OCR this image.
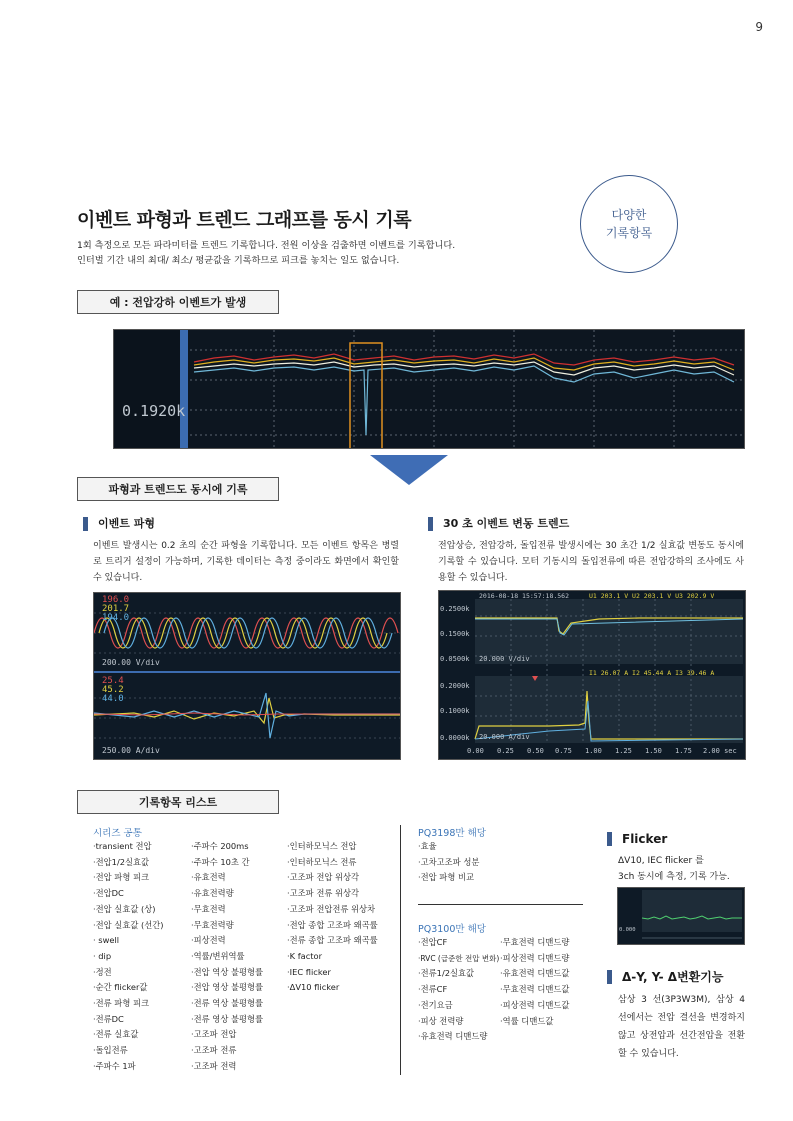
9
이벤트 파형과 트렌드 그래프를 동시 기록
1회 측정으로 모든 파라미터를 트렌드 기록합니다. 전원 이상을 검출하면 이벤트를 기록합니다.
인터벌 기간 내의 최대/ 최소/ 평균값을 기록하므로 피크를 놓치는 일도 없습니다.
다양한
기록항목
예 : 전압강하 이벤트가 발생
0.1920k
파형과 트렌드도 동시에 기록
이벤트 파형
이벤트 발생시는 0.2 초의 순간 파형을 기록합니다. 모든 이벤트 항목은 병렬로 트리거 설정이 가능하며, 기록한 데이터는 측정 중이라도 화면에서 확인할 수 있습니다.
196.0
201.7
194.0
200.00 V/div
25.4
45.2
44.0
250.00 A/div
30 초 이벤트 변동 트렌드
전압상승, 전압강하, 돌입전류 발생시에는 30 초간 1/2 실효값 변동도 동시에 기록할 수 있습니다. 모터 기동시의 돌입전류에 따른 전압강하의 조사에도 사용할 수 있습니다.
2016-08-18 15:57:18.562	U1 203.1 V U2 203.1 V U3 202.9 V
I1 26.07 A I2 45.44 A I3 39.46 A
0.2500k
0.1500k
0.0500k 20.000 V/div
0.2000k
0.1000k
0.0000k 20.000 A/div
0.00 0.25 0.50 0.75 1.00 1.25 1.50 1.75 2.00 sec
기록항목 리스트
시리즈 공통
·transient 전압
·전압1/2실효값
·전압 파형 피크
·전압DC
·전압 실효값 (상)
·전압 실효값 (선간)
· swell
· dip
·정전
·순간 flicker값
·전류 파형 피크
·전류DC
·전류 실효값
·돌입전류
·주파수 1파
·주파수 200ms
·주파수 10초 간
·유효전력
·유효전력량
·무효전력
·무효전력량
·피상전력
·역률/변위역률
·전압 역상 불평형률
·전압 영상 불평형률
·전류 역상 불평형률
·전류 영상 불평형률
·고조파 전압
·고조파 전류
·고조파 전력
·인터하모닉스 전압
·인터하모닉스 전류
·고조파 전압 위상각
·고조파 전류 위상각
·고조파 전압전류 위상차
·전압 종합 고조파 왜곡률
·전류 종합 고조파 왜곡률
·K factor
·IEC flicker
·ΔV10 flicker
PQ3198만 해당
·효율
·고차고조파 성분
·전압 파형 비교
PQ3100만 해당
·전압CF
·RVC (급준한 전압 변화)
·전류1/2실효값
·전류CF
·전기요금
·피상 전력량
·유효전력 디맨드량
·무효전력 디맨드량
·피상전력 디맨드량
·유효전력 디맨드값
·무효전력 디맨드값
·피상전력 디맨드값
·역률 디맨드값
Flicker
ΔV10, IEC flicker 를
3ch 동시에 측정, 기록 가능.
0.000
Δ-Y, Y- Δ변환기능
삼상 3 선(3P3W3M), 삼상 4 선에서는 전압 결선을 변경하지 않고 상전압과 선간전압을 전환할 수 있습니다.
